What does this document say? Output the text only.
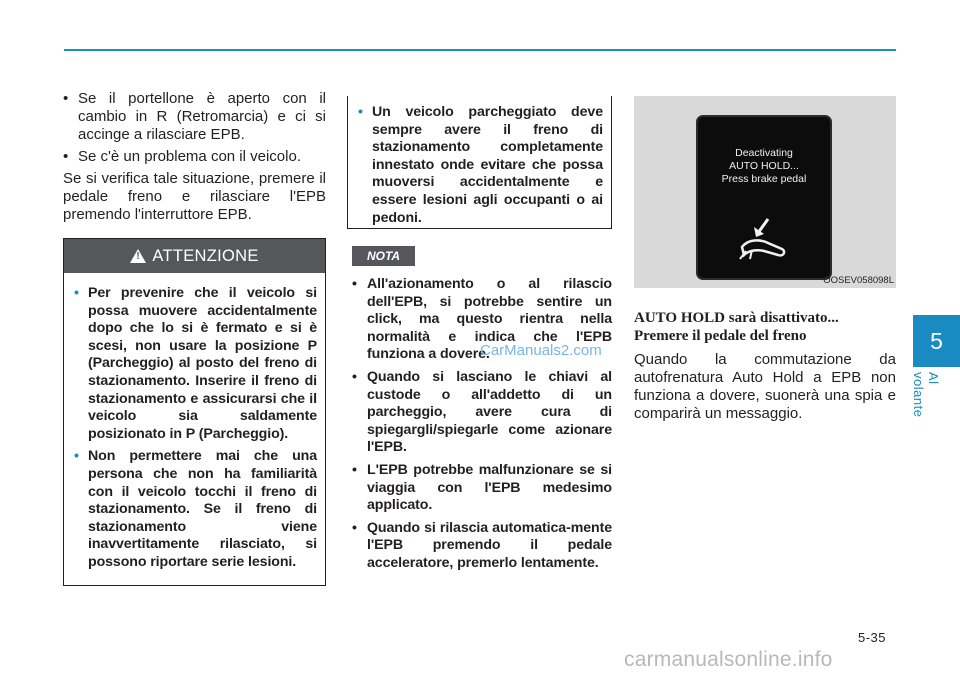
5
Al volante
• Se il portellone è aperto con il cambio in R (Retromarcia) e ci si accinge a rilasciare EPB.
• Se c'è un problema con il veicolo.
Se si verifica tale situazione, premere il pedale freno e rilasciare l'EPB premendo l'interruttore EPB.
! ATTENZIONE
• Per prevenire che il veicolo si possa muovere accidentalmente dopo che lo si è fermato e si è scesi, non usare la posizione P (Parcheggio) al posto del freno di stazionamento. Inserire il freno di stazionamento e assicurarsi che il veicolo sia saldamente posizionato in P (Parcheggio).
• Non permettere mai che una persona che non ha familiarità con il veicolo tocchi il freno di stazionamento. Se il freno di stazionamento viene inavvertitamente rilasciato, si possono riportare serie lesioni.
• Un veicolo parcheggiato deve sempre avere il freno di stazionamento completamente innestato onde evitare che possa muoversi accidentalmente e essere lesioni agli occupanti o ai pedoni.
NOTA
• All'azionamento o al rilascio dell'EPB, si potrebbe sentire un click, ma questo rientra nella normalità e indica che l'EPB funziona a dovere.
• Quando si lasciano le chiavi al custode o all'addetto di un parcheggio, avere cura di spiegargli/spiegarle come azionare l'EPB.
• L'EPB potrebbe malfunzionare se si viaggia con l'EPB medesimo applicato.
• Quando si rilascia automatica-mente l'EPB premendo il pedale acceleratore, premerlo lentamente.
Deactivating
AUTO HOLD...
Press brake pedal
OOSEV058098L
AUTO HOLD sarà disattivato...
Premere il pedale del freno
Quando la commutazione da autofrenatura Auto Hold a EPB non funziona a dovere, suonerà una spia e comparirà un messaggio.
CarManuals2.com
5-35
carmanualsonline.info
